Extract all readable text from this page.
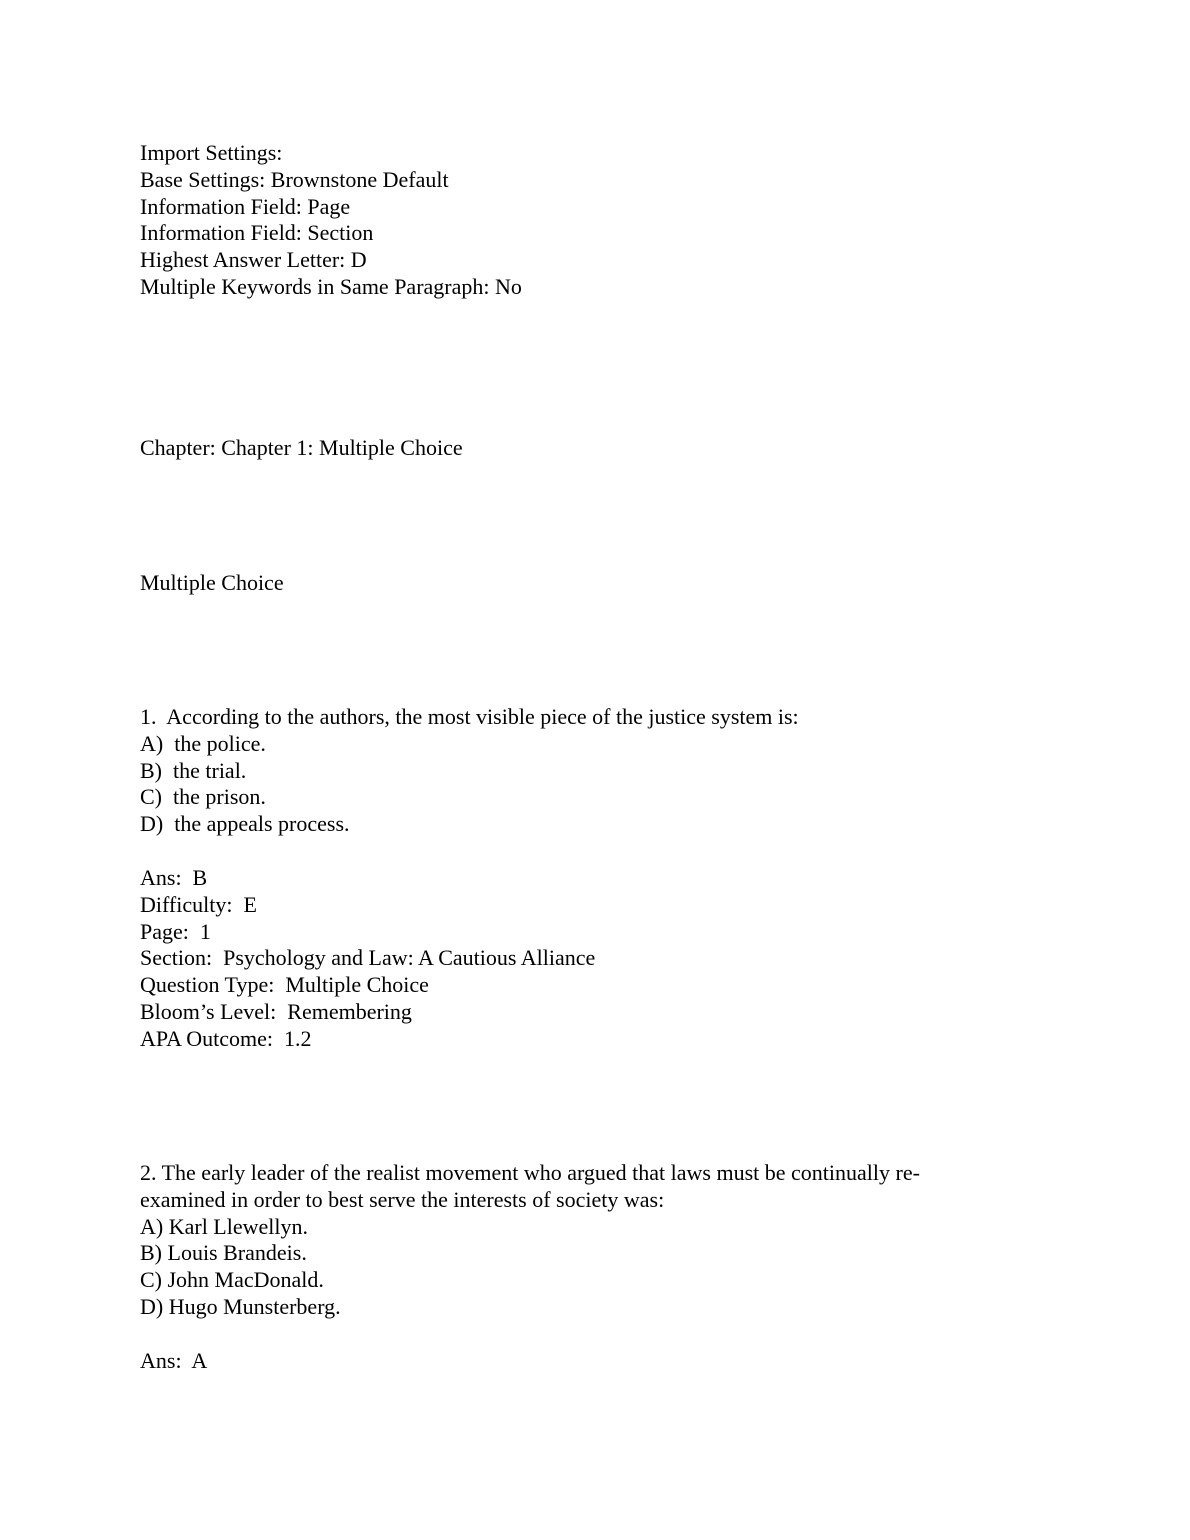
Import Settings:
Base Settings: Brownstone Default
Information Field: Page
Information Field: Section
Highest Answer Letter: D
Multiple Keywords in Same Paragraph: No
Chapter: Chapter 1: Multiple Choice
Multiple Choice
1.  According to the authors, the most visible piece of the justice system is:
A)  the police.
B)  the trial.
C)  the prison.
D)  the appeals process.
Ans:  B
Difficulty:  E
Page:  1
Section:  Psychology and Law: A Cautious Alliance
Question Type:  Multiple Choice
Bloom’s Level:  Remembering
APA Outcome:  1.2
2. The early leader of the realist movement who argued that laws must be continually re-
examined in order to best serve the interests of society was:
A) Karl Llewellyn.
B) Louis Brandeis.
C) John MacDonald.
D) Hugo Munsterberg.
Ans:  A
